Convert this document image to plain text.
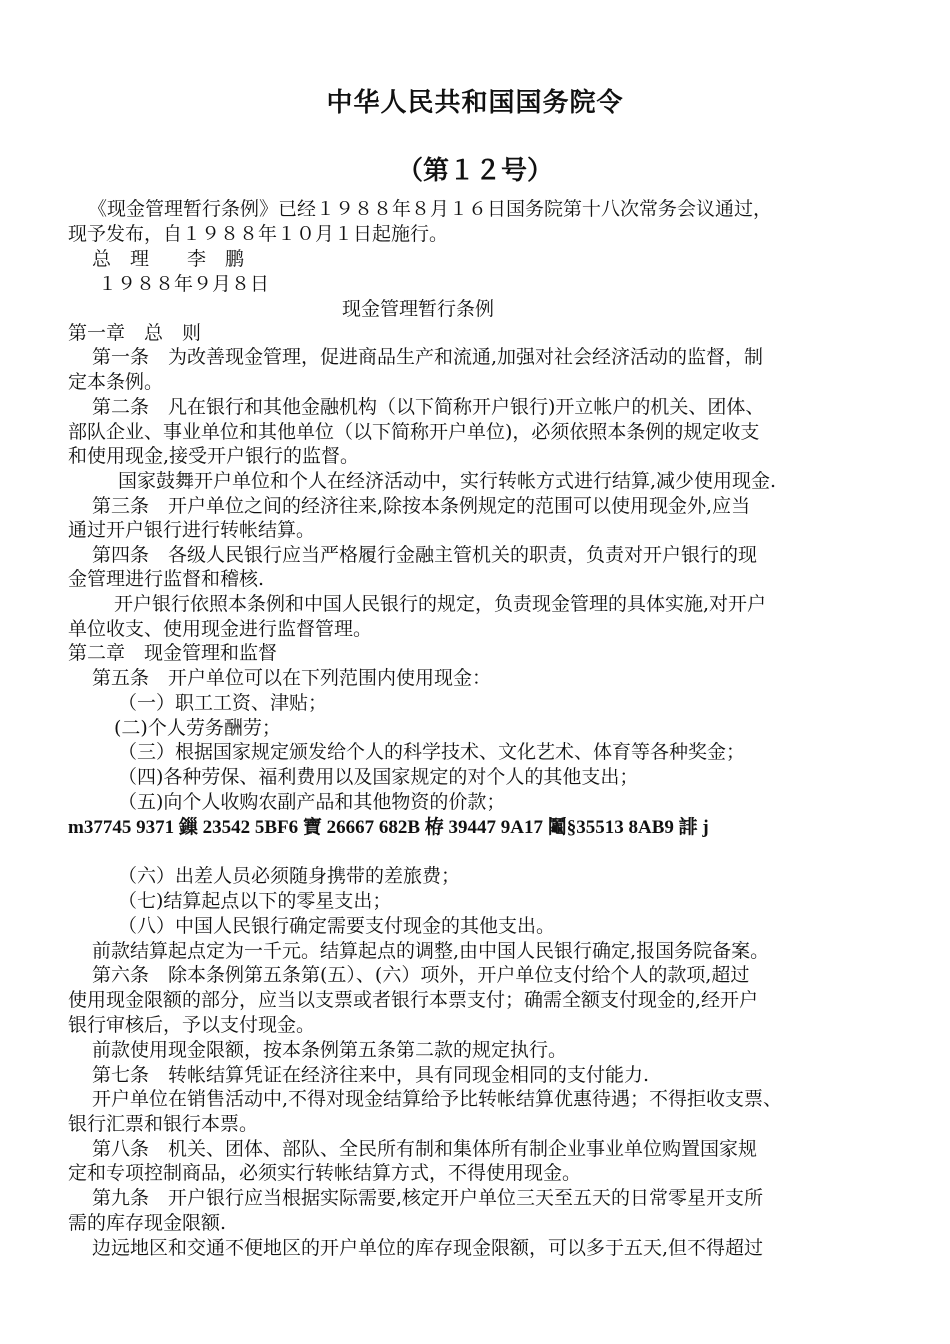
中华人民共和国国务院令
（第１２号）
《现金管理暂行条例》已经１９８８年８月１６日国务院第十八次常务会议通过，
现予发布，自１９８８年１０月１日起施行。
总　理　　李　鹏
１９８８年９月８日
现金管理暂行条例
第一章　总　则
第一条　为改善现金管理，促进商品生产和流通,加强对社会经济活动的监督，制
定本条例。
第二条　凡在银行和其他金融机构（以下简称开户银行)开立帐户的机关、团体、
部队企业、事业单位和其他单位（以下简称开户单位)，必须依照本条例的规定收支
和使用现金,接受开户银行的监督。
国家鼓舞开户单位和个人在经济活动中，实行转帐方式进行结算,减少使用现金.
第三条　开户单位之间的经济往来,除按本条例规定的范围可以使用现金外,应当
通过开户银行进行转帐结算。
第四条　各级人民银行应当严格履行金融主管机关的职责，负责对开户银行的现
金管理进行监督和稽核.
开户银行依照本条例和中国人民银行的规定，负责现金管理的具体实施,对开户
单位收支、使用现金进行监督管理。
第二章　现金管理和监督
第五条　开户单位可以在下列范围内使用现金：
（一）职工工资、津贴；
(二)个人劳务酬劳；
（三）根据国家规定颁发给个人的科学技术、文化艺术、体育等各种奖金；
（四)各种劳保、福利费用以及国家规定的对个人的其他支出；
（五)向个人收购农副产品和其他物资的价款；
m37745 9371 鏁 23542 5BF6 寶 26667 682B 栫 39447 9A17 鬮§35513 8AB9 誹 j
（六）出差人员必须随身携带的差旅费；
（七)结算起点以下的零星支出；
（八）中国人民银行确定需要支付现金的其他支出。
前款结算起点定为一千元。结算起点的调整,由中国人民银行确定,报国务院备案。
第六条　除本条例第五条第(五）、(六）项外，开户单位支付给个人的款项,超过
使用现金限额的部分，应当以支票或者银行本票支付；确需全额支付现金的,经开户
银行审核后，予以支付现金。
前款使用现金限额，按本条例第五条第二款的规定执行。
第七条　转帐结算凭证在经济往来中，具有同现金相同的支付能力.
开户单位在销售活动中,不得对现金结算给予比转帐结算优惠待遇；不得拒收支票、
银行汇票和银行本票。
第八条　机关、团体、部队、全民所有制和集体所有制企业事业单位购置国家规
定和专项控制商品，必须实行转帐结算方式，不得使用现金。
第九条　开户银行应当根据实际需要,核定开户单位三天至五天的日常零星开支所
需的库存现金限额.
边远地区和交通不便地区的开户单位的库存现金限额，可以多于五天,但不得超过
